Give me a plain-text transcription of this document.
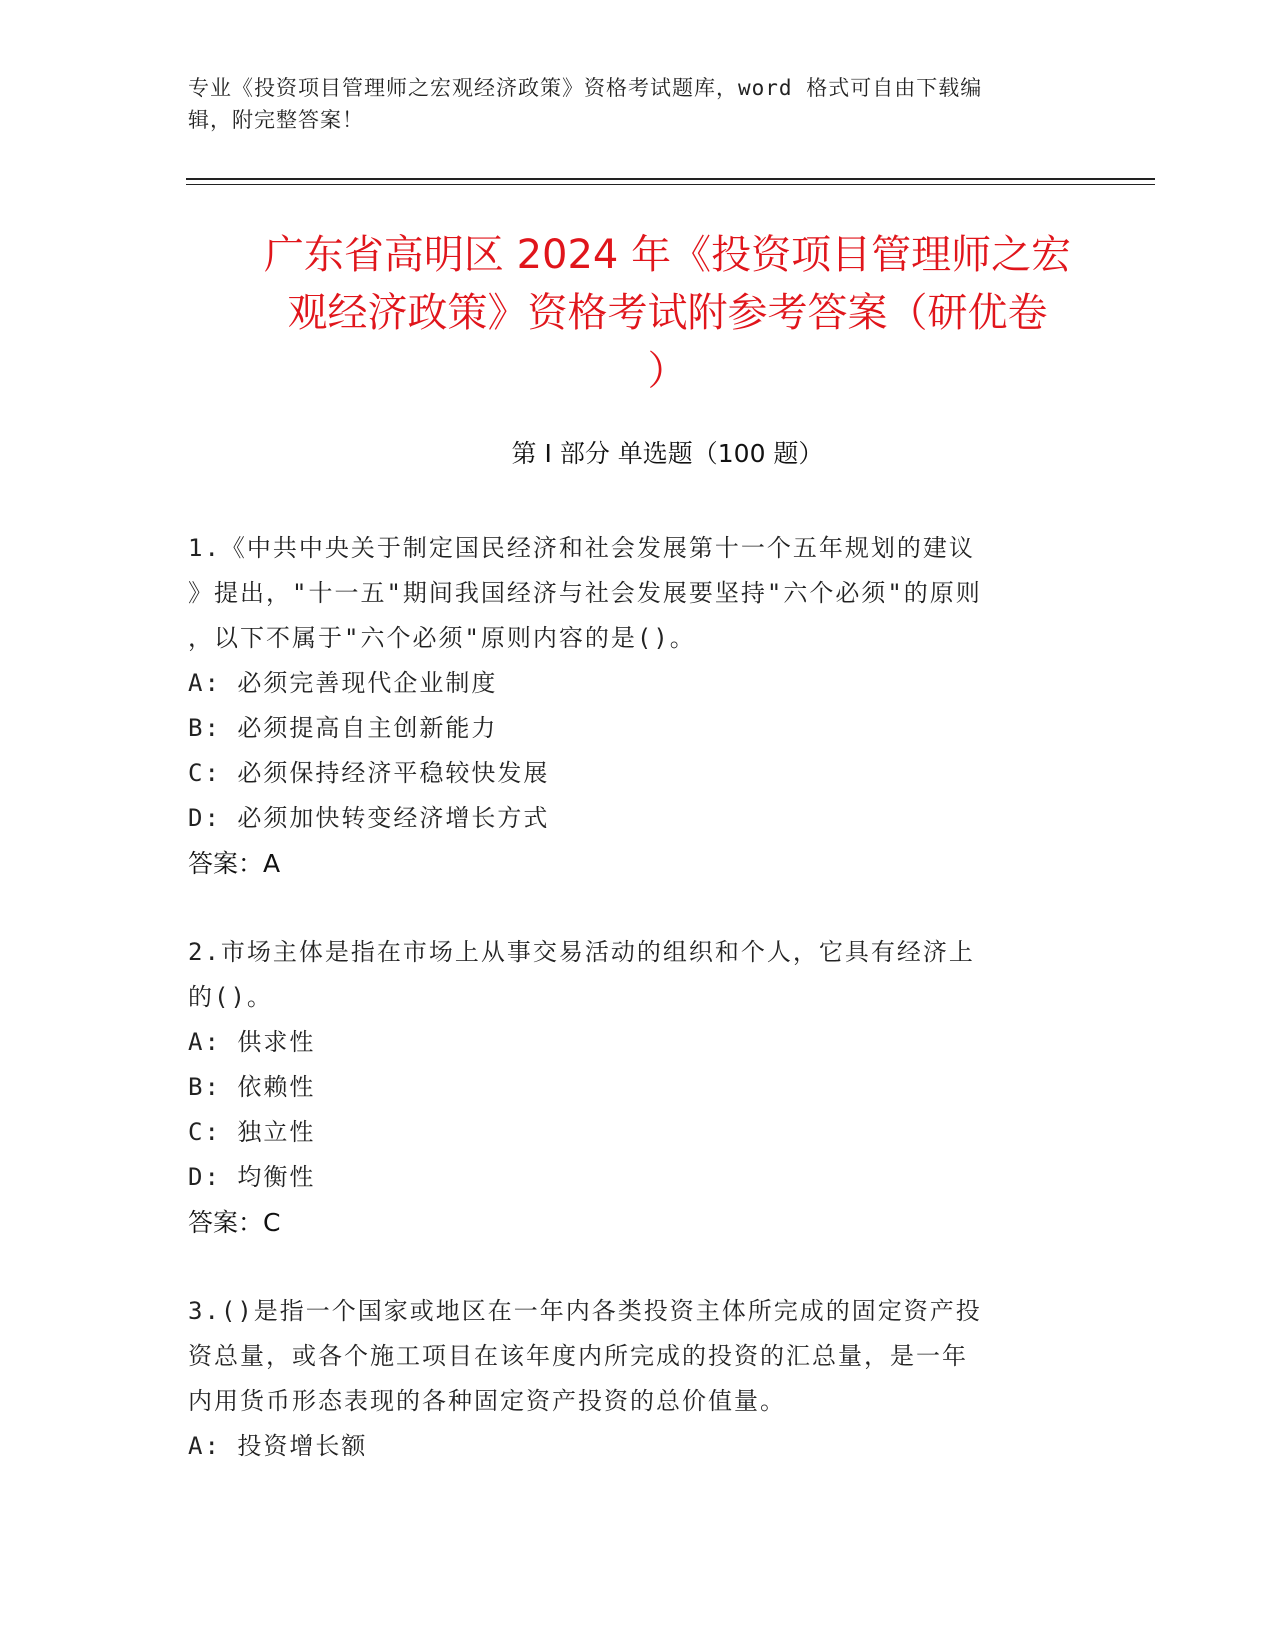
专业《投资项目管理师之宏观经济政策》资格考试题库，word 格式可自由下载编
辑，附完整答案！
广东省高明区 2024 年《投资项目管理师之宏
观经济政策》资格考试附参考答案（研优卷
）
第 I 部分 单选题（100 题）
1.《中共中央关于制定国民经济和社会发展第十一个五年规划的建议
》提出，"十一五"期间我国经济与社会发展要坚持"六个必须"的原则
，以下不属于"六个必须"原则内容的是()。
A: 必须完善现代企业制度
B: 必须提高自主创新能力
C: 必须保持经济平稳较快发展
D: 必须加快转变经济增长方式
答案：A
2.市场主体是指在市场上从事交易活动的组织和个人，它具有经济上
的()。
A: 供求性
B: 依赖性
C: 独立性
D: 均衡性
答案：C
3.()是指一个国家或地区在一年内各类投资主体所完成的固定资产投
资总量，或各个施工项目在该年度内所完成的投资的汇总量，是一年
内用货币形态表现的各种固定资产投资的总价值量。
A: 投资增长额
